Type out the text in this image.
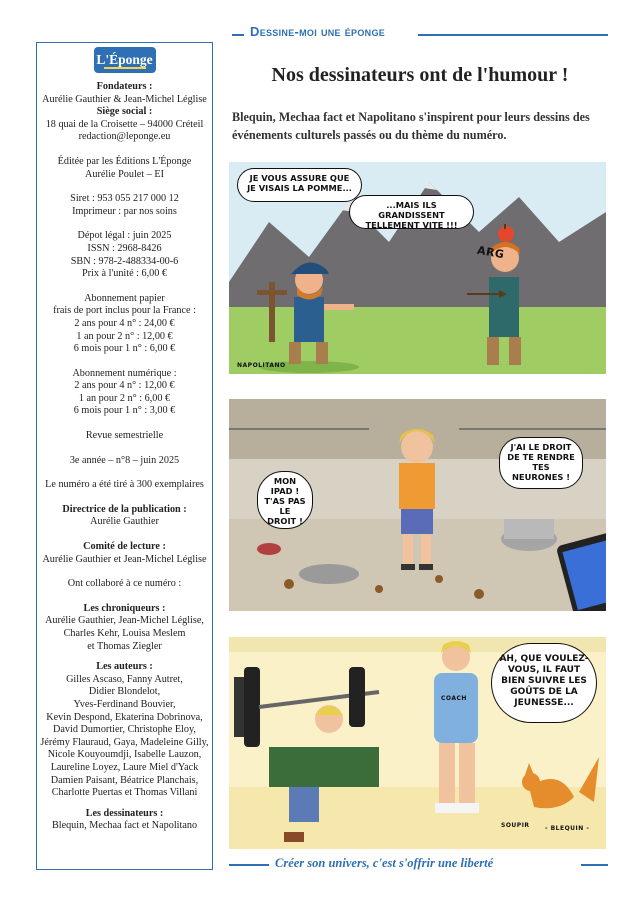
Dessine-moi une éponge
L'Éponge
Fondateurs :
Aurélie Gauthier & Jean-Michel Léglise
Siège social :
18 quai de la Croisette – 94000 Créteil
redaction@leponge.eu
Éditée par les Éditions L'Éponge
Aurélie Poulet – EI
Siret : 953 055 217 000 12
Imprimeur : par nos soins
Dépot légal : juin 2025
ISSN : 2968-8426
SBN : 978-2-488334-00-6
Prix à l'unité : 6,00 €
Abonnement papier
frais de port inclus pour la France :
2 ans pour 4 n° : 24,00 €
1 an pour 2 n° : 12,00 €
6 mois pour 1 n° : 6,00 €
Abonnement numérique :
2 ans pour 4 n° : 12,00 €
1 an pour 2 n° : 6,00 €
6 mois pour 1 n° : 3,00 €
Revue semestrielle
3e année – n°8 – juin 2025
Le numéro a été tiré à 300 exemplaires
Directrice de la publication :
Aurélie Gauthier
Comité de lecture :
Aurélie Gauthier et Jean-Michel Léglise
Ont collaboré à ce numéro :
Les chroniqueurs :
Aurélie Gauthier, Jean-Michel Léglise,
Charles Kehr, Louisa Meslem
et Thomas Ziegler
Les auteurs :
Gilles Ascaso, Fanny Autret,
Didier Blondelot,
Yves-Ferdinand Bouvier,
Kevin Despond, Ekaterina Dobrinova,
David Dumortier, Christophe Eloy,
Jérémy Flauraud, Gaya, Madeleine Gilly,
Nicole Kouyoumdji, Isabelle Lauzon,
Laureline Loyez, Laure Miel d'Yack
Damien Paisant, Béatrice Planchais,
Charlotte Puertas et Thomas Villani
Les dessinateurs :
Blequin, Mechaa fact et Napolitano
Nos dessinateurs ont de l'humour !
Blequin, Mechaa fact et Napolitano s'inspirent pour leurs dessins des événements culturels passés ou du thème du numéro.
JE VOUS ASSURE QUE JE VISAIS LA POMME...
...MAIS ILS GRANDISSENT TELLEMENT VITE !!!
ARG
NAPOLITANO
MON IPAD ! T'AS PAS LE DROIT !
J'AI LE DROIT DE TE RENDRE TES NEURONES !
AH, QUE VOULEZ-VOUS, IL FAUT BIEN SUIVRE LES GOÛTS DE LA JEUNESSE...
COACH
SOUPIR	- BLEQUIN -
Créer son univers, c'est s'offrir une liberté
